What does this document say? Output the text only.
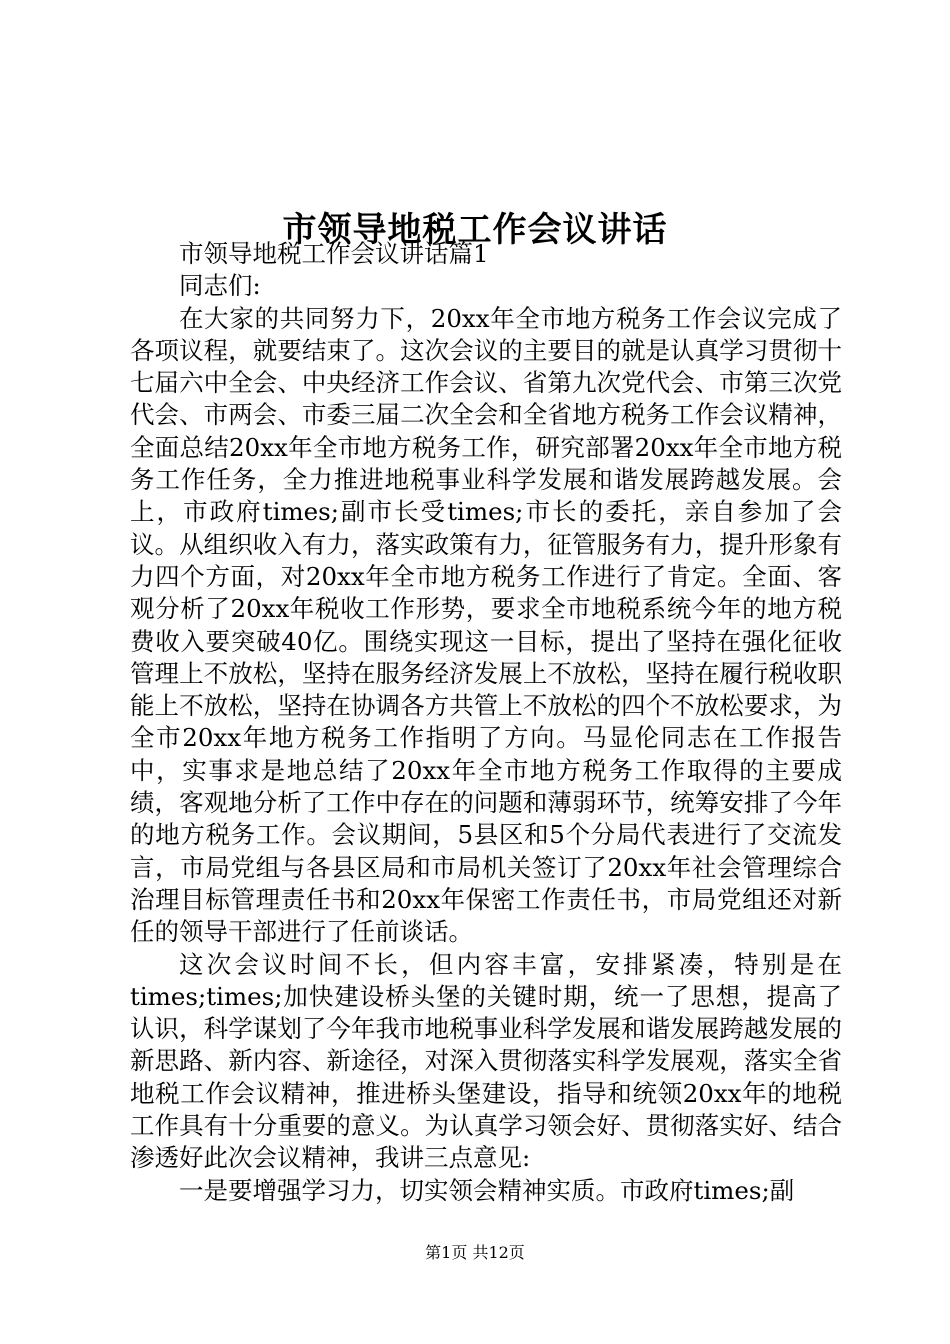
市领导地税工作会议讲话

市领导地税工作会议讲话篇1

同志们:

在大家的共同努力下，20xx年全市地方税务工作会议完成了各项议程，就要结束了。这次会议的主要目的就是认真学习贯彻十七届六中全会、中央经济工作会议、省第九次党代会、市第三次党代会、市两会、市委三届二次全会和全省地方税务工作会议精神，全面总结20xx年全市地方税务工作，研究部署20xx年全市地方税务工作任务，全力推进地税事业科学发展和谐发展跨越发展。会上，市政府times;副市长受times;市长的委托，亲自参加了会议。从组织收入有力，落实政策有力，征管服务有力，提升形象有力四个方面，对20xx年全市地方税务工作进行了肯定。全面、客观分析了20xx年税收工作形势，要求全市地税系统今年的地方税费收入要突破40亿。围绕实现这一目标，提出了坚持在强化征收管理上不放松，坚持在服务经济发展上不放松，坚持在履行税收职能上不放松，坚持在协调各方共管上不放松的四个不放松要求，为全市20xx年地方税务工作指明了方向。马显伦同志在工作报告中，实事求是地总结了20xx年全市地方税务工作取得的主要成绩，客观地分析了工作中存在的问题和薄弱环节，统筹安排了今年的地方税务工作。会议期间，5县区和5个分局代表进行了交流发言，市局党组与各县区局和市局机关签订了20xx年社会管理综合治理目标管理责任书和20xx年保密工作责任书，市局党组还对新任的领导干部进行了任前谈话。

这次会议时间不长，但内容丰富，安排紧凑，特别是在times;times;加快建设桥头堡的关键时期，统一了思想，提高了认识，科学谋划了今年我市地税事业科学发展和谐发展跨越发展的新思路、新内容、新途径，对深入贯彻落实科学发展观，落实全省地税工作会议精神，推进桥头堡建设，指导和统领20xx年的地税工作具有十分重要的意义。为认真学习领会好、贯彻落实好、结合渗透好此次会议精神，我讲三点意见:

一是要增强学习力，切实领会精神实质。市政府times;副

第1页 共12页
